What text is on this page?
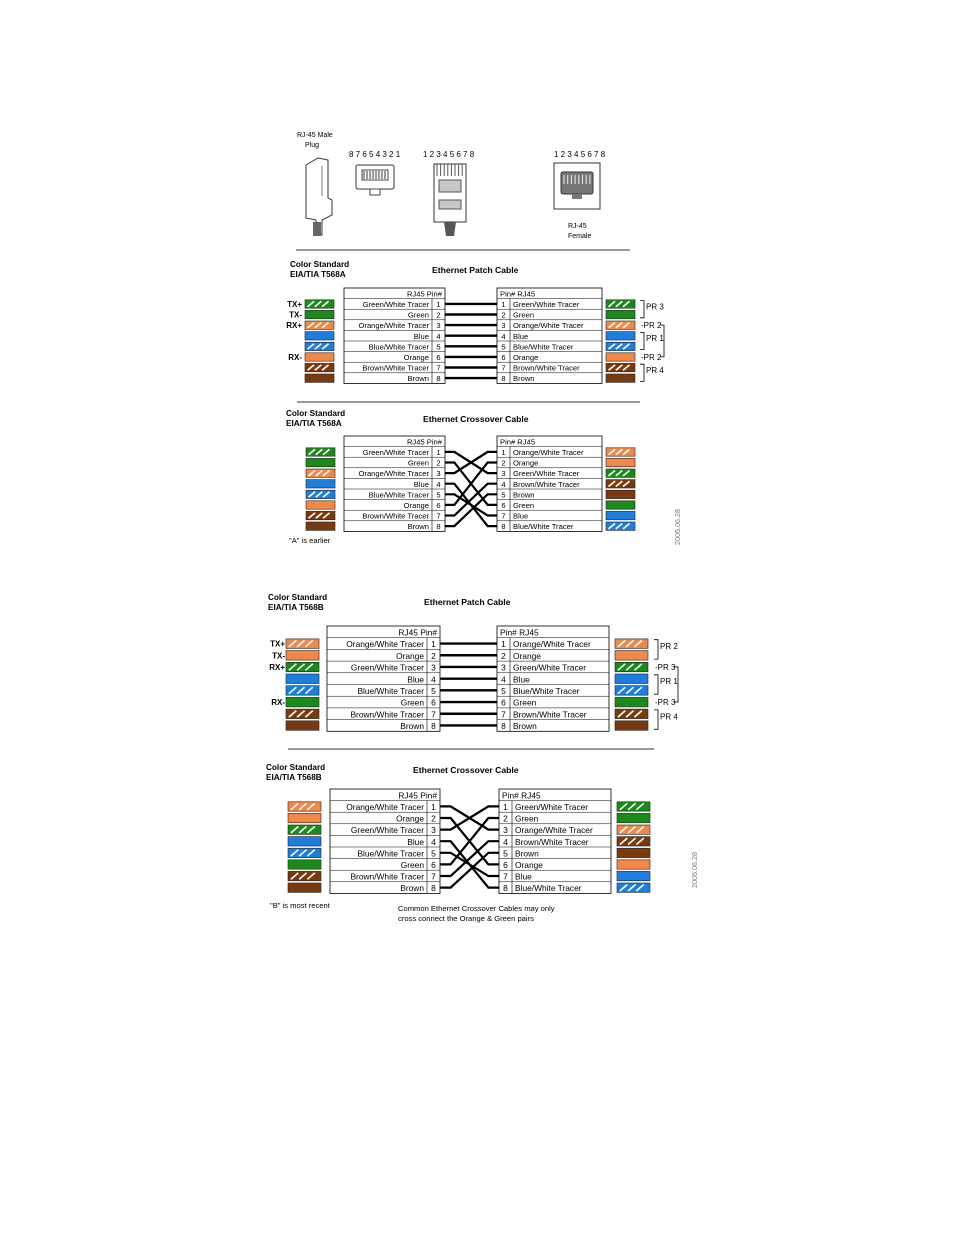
RJ-45 Male
Plug
8 7 6 5 4 3 2 1	1 2 3 4 5 6 7 8	1 2 3 4 5 6 7 8
RJ-45
Female
Color Standard
EIA/TIA T568A	Ethernet Patch Cable
RJ45 Pin#
Green/White Tracer 1
Green 2
Orange/White Tracer 3
Blue 4
Blue/White Tracer 5
Orange 6
Brown/White Tracer 7
Brown 8
Pin# RJ45
1 Green/White Tracer
2 Green
3 Orange/White Tracer
4 Blue
5 Blue/White Tracer
6 Orange
7 Brown/White Tracer
8 Brown
TX+
TX-
RX+
RX-
PR 3
-PR 2
PR 1
-PR 2
PR 4
Color Standard
EIA/TIA T568A	Ethernet Crossover Cable
RJ45 Pin#
Green/White Tracer 1
Green 2
Orange/White Tracer 3
Blue 4
Blue/White Tracer 5
Orange 6
Brown/White Tracer 7
Brown 8
Pin# RJ45
1 Orange/White Tracer
2 Orange
3 Green/White Tracer
4 Brown/White Tracer
5 Brown
6 Green
7 Blue
8 Blue/White Tracer
"A" is earlier	2005.06.28
Color Standard
EIA/TIA T568B
Ethernet Patch Cable
RJ45 Pin#
Orange/White Tracer 1
Orange 2
Green/White Tracer 3
Blue 4
Blue/White Tracer 5
Green 6
Brown/White Tracer 7
Brown 8
Pin# RJ45
1 Orange/White Tracer
2 Orange
3 Green/White Tracer
4 Blue
5 Blue/White Tracer
6 Green
7 Brown/White Tracer
8 Brown
TX+
TX-
RX+
RX-
PR 2
-PR 3
PR 1
-PR 3
PR 4
Color Standard
EIA/TIA T568B
Ethernet Crossover Cable
RJ45 Pin#
Orange/White Tracer 1
Orange 2
Green/White Tracer 3
Blue 4
Blue/White Tracer 5
Green 6
Brown/White Tracer 7
Brown 8
Pin# RJ45
1 Green/White Tracer
2 Green
3 Orange/White Tracer
4 Brown/White Tracer
5 Brown
6 Orange
7 Blue
8 Blue/White Tracer
"B" is most recent
2005.06.28
Common Ethernet Crossover Cables may only
cross connect the Orange & Green pairs
